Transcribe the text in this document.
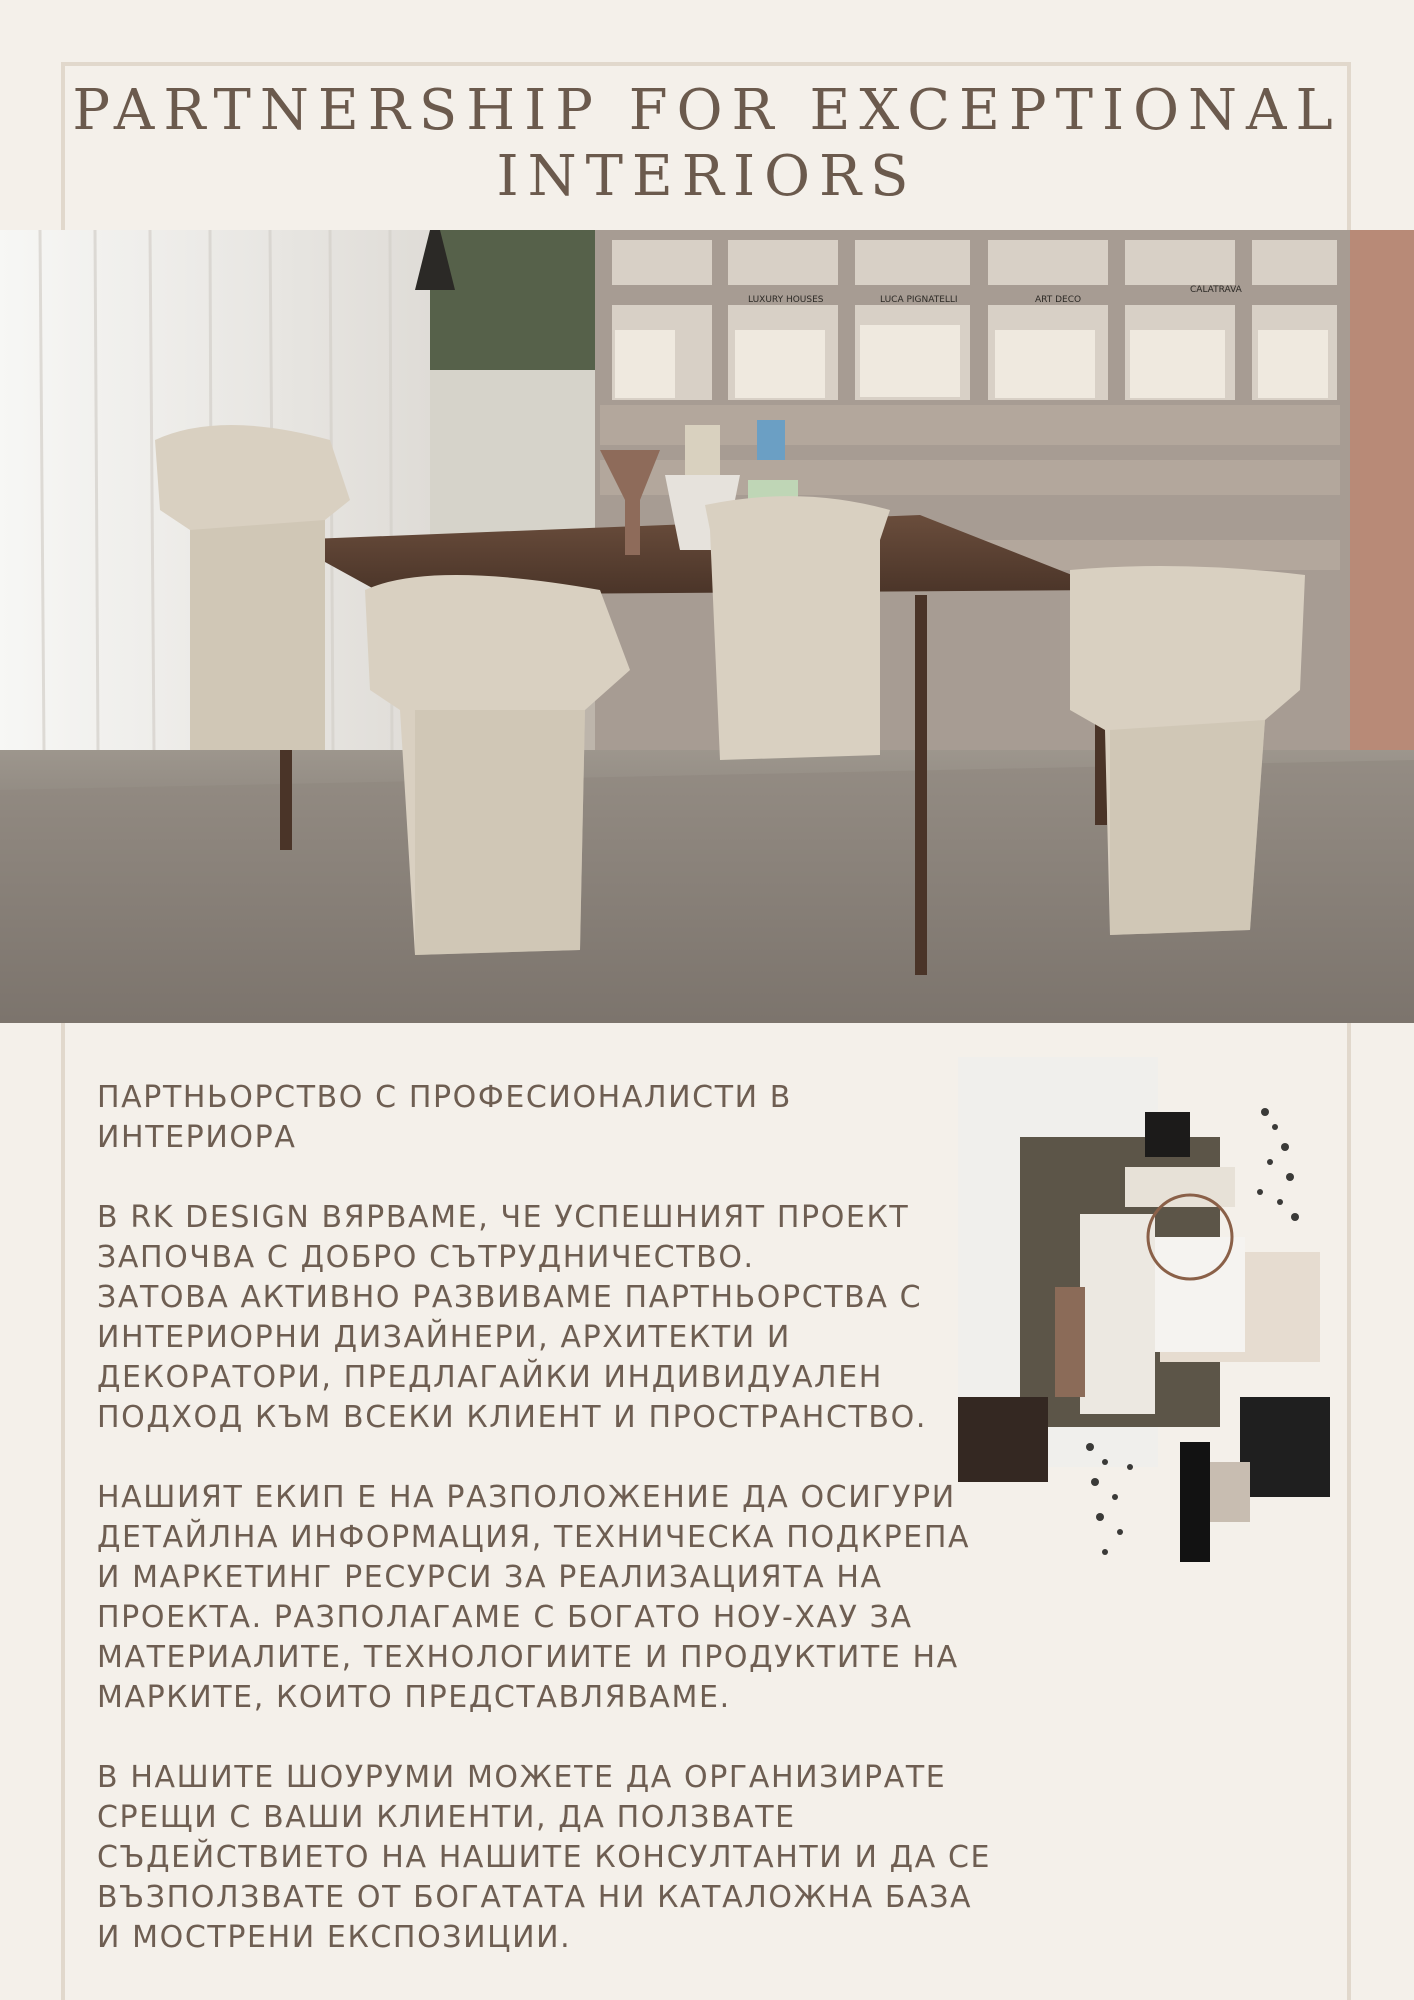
PARTNERSHIP FOR EXCEPTIONAL INTERIORS
LUXURY HOUSES	LUCA PIGNATELLI	ART DECO
CALATRAVA

ПАРТНЬОРСТВО С ПРОФЕСИОНАЛИСТИ В
ИНТЕРИОРА

В RK DESIGN ВЯРВАМЕ, ЧЕ УСПЕШНИЯТ ПРОЕКТ
ЗАПОЧВА С ДОБРО СЪТРУДНИЧЕСТВО.
ЗАТОВА АКТИВНО РАЗВИВАМЕ ПАРТНЬОРСТВА С
ИНТЕРИОРНИ ДИЗАЙНЕРИ, АРХИТЕКТИ И
ДЕКОРАТОРИ, ПРЕДЛАГАЙКИ ИНДИВИДУАЛЕН
ПОДХОД КЪМ ВСЕКИ КЛИЕНТ И ПРОСТРАНСТВО.

НАШИЯТ ЕКИП Е НА РАЗПОЛОЖЕНИЕ ДА ОСИГУРИ
ДЕТАЙЛНА ИНФОРМАЦИЯ, ТЕХНИЧЕСКА ПОДКРЕПА
И МАРКЕТИНГ РЕСУРСИ ЗА РЕАЛИЗАЦИЯТА НА
ПРОЕКТА. РАЗПОЛАГАМЕ С БОГАТО НОУ-ХАУ ЗА
МАТЕРИАЛИТЕ, ТЕХНОЛОГИИТЕ И ПРОДУКТИТЕ НА
МАРКИТЕ, КОИТО ПРЕДСТАВЛЯВАМЕ.

В НАШИТЕ ШОУРУМИ МОЖЕТЕ ДА ОРГАНИЗИРАТЕ
СРЕЩИ С ВАШИ КЛИЕНТИ, ДА ПОЛЗВАТЕ
СЪДЕЙСТВИЕТО НА НАШИТЕ КОНСУЛТАНТИ И ДА СЕ
ВЪЗПОЛЗВАТЕ ОТ БОГАТАТА НИ КАТАЛОЖНА БАЗА
И МОСТРЕНИ ЕКСПОЗИЦИИ.
